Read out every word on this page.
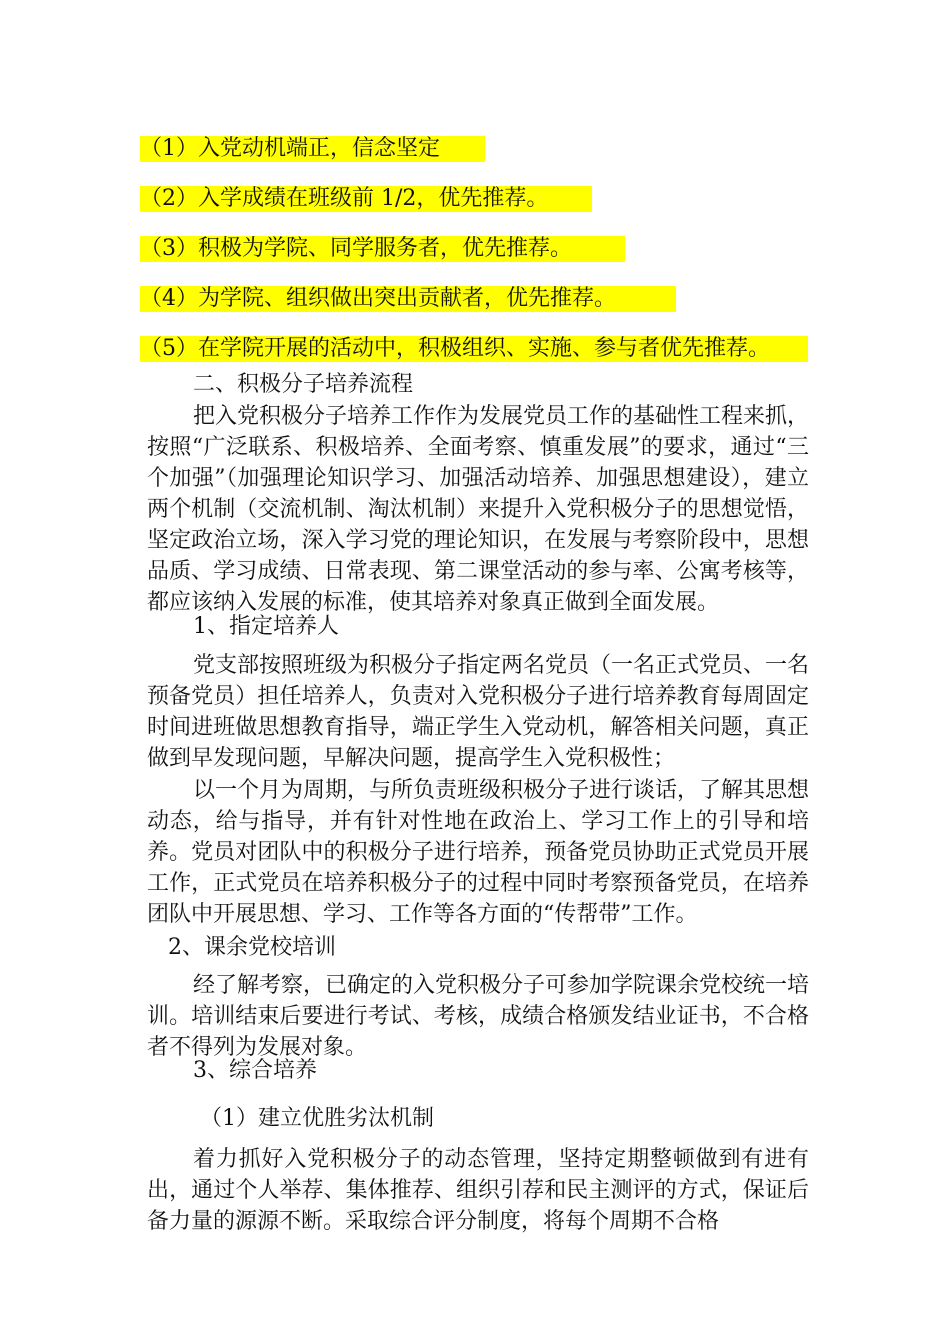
（1）入党动机端正，信念坚定
（2）入学成绩在班级前 1/2，优先推荐。
（3）积极为学院、同学服务者，优先推荐。
（4）为学院、组织做出突出贡献者，优先推荐。
（5）在学院开展的活动中，积极组织、实施、参与者优先推荐。
二、积极分子培养流程
把入党积极分子培养工作作为发展党员工作的基础性工程来抓，按照“广泛联系、积极培养、全面考察、慎重发展”的要求，通过“三个加强”（加强理论知识学习、加强活动培养、加强思想建设），建立两个机制（交流机制、淘汰机制）来提升入党积极分子的思想觉悟，坚定政治立场，深入学习党的理论知识，在发展与考察阶段中，思想品质、学习成绩、日常表现、第二课堂活动的参与率、公寓考核等，都应该纳入发展的标准，使其培养对象真正做到全面发展。
1、指定培养人
党支部按照班级为积极分子指定两名党员（一名正式党员、一名预备党员）担任培养人，负责对入党积极分子进行培养教育每周固定时间进班做思想教育指导，端正学生入党动机，解答相关问题，真正做到早发现问题，早解决问题，提高学生入党积极性；
以一个月为周期，与所负责班级积极分子进行谈话，了解其思想动态，给与指导，并有针对性地在政治上、学习工作上的引导和培养。党员对团队中的积极分子进行培养，预备党员协助正式党员开展工作，正式党员在培养积极分子的过程中同时考察预备党员，在培养团队中开展思想、学习、工作等各方面的“传帮带”工作。
2、课余党校培训
经了解考察，已确定的入党积极分子可参加学院课余党校统一培训。培训结束后要进行考试、考核，成绩合格颁发结业证书，不合格者不得列为发展对象。
3、综合培养
（1）建立优胜劣汰机制
着力抓好入党积极分子的动态管理，坚持定期整顿做到有进有出，通过个人举荐、集体推荐、组织引荐和民主测评的方式，保证后备力量的源源不断。采取综合评分制度，将每个周期不合格
